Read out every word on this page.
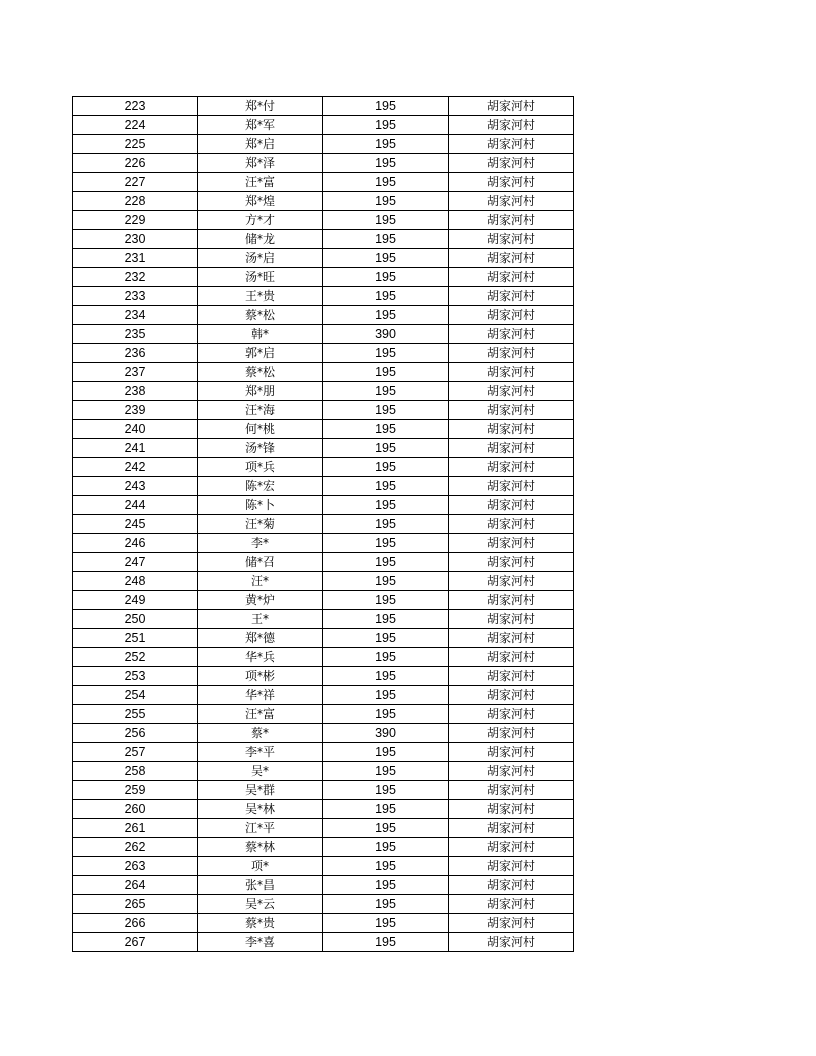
223	郑*付	195	胡家河村
224	郑*军	195	胡家河村
225	郑*启	195	胡家河村
226	郑*泽	195	胡家河村
227	汪*富	195	胡家河村
228	郑*煌	195	胡家河村
229	方*才	195	胡家河村
230	储*龙	195	胡家河村
231	汤*启	195	胡家河村
232	汤*旺	195	胡家河村
233	王*贵	195	胡家河村
234	蔡*松	195	胡家河村
235	韩*	390	胡家河村
236	郭*启	195	胡家河村
237	蔡*松	195	胡家河村
238	郑*朋	195	胡家河村
239	汪*海	195	胡家河村
240	何*桃	195	胡家河村
241	汤*锋	195	胡家河村
242	项*兵	195	胡家河村
243	陈*宏	195	胡家河村
244	陈*卜	195	胡家河村
245	汪*菊	195	胡家河村
246	李*	195	胡家河村
247	储*召	195	胡家河村
248	汪*	195	胡家河村
249	黄*炉	195	胡家河村
250	王*	195	胡家河村
251	郑*德	195	胡家河村
252	华*兵	195	胡家河村
253	项*彬	195	胡家河村
254	华*祥	195	胡家河村
255	汪*富	195	胡家河村
256	蔡*	390	胡家河村
257	李*平	195	胡家河村
258	吴*	195	胡家河村
259	吴*群	195	胡家河村
260	吴*林	195	胡家河村
261	江*平	195	胡家河村
262	蔡*林	195	胡家河村
263	项*	195	胡家河村
264	张*昌	195	胡家河村
265	吴*云	195	胡家河村
266	蔡*贵	195	胡家河村
267	李*喜	195	胡家河村
